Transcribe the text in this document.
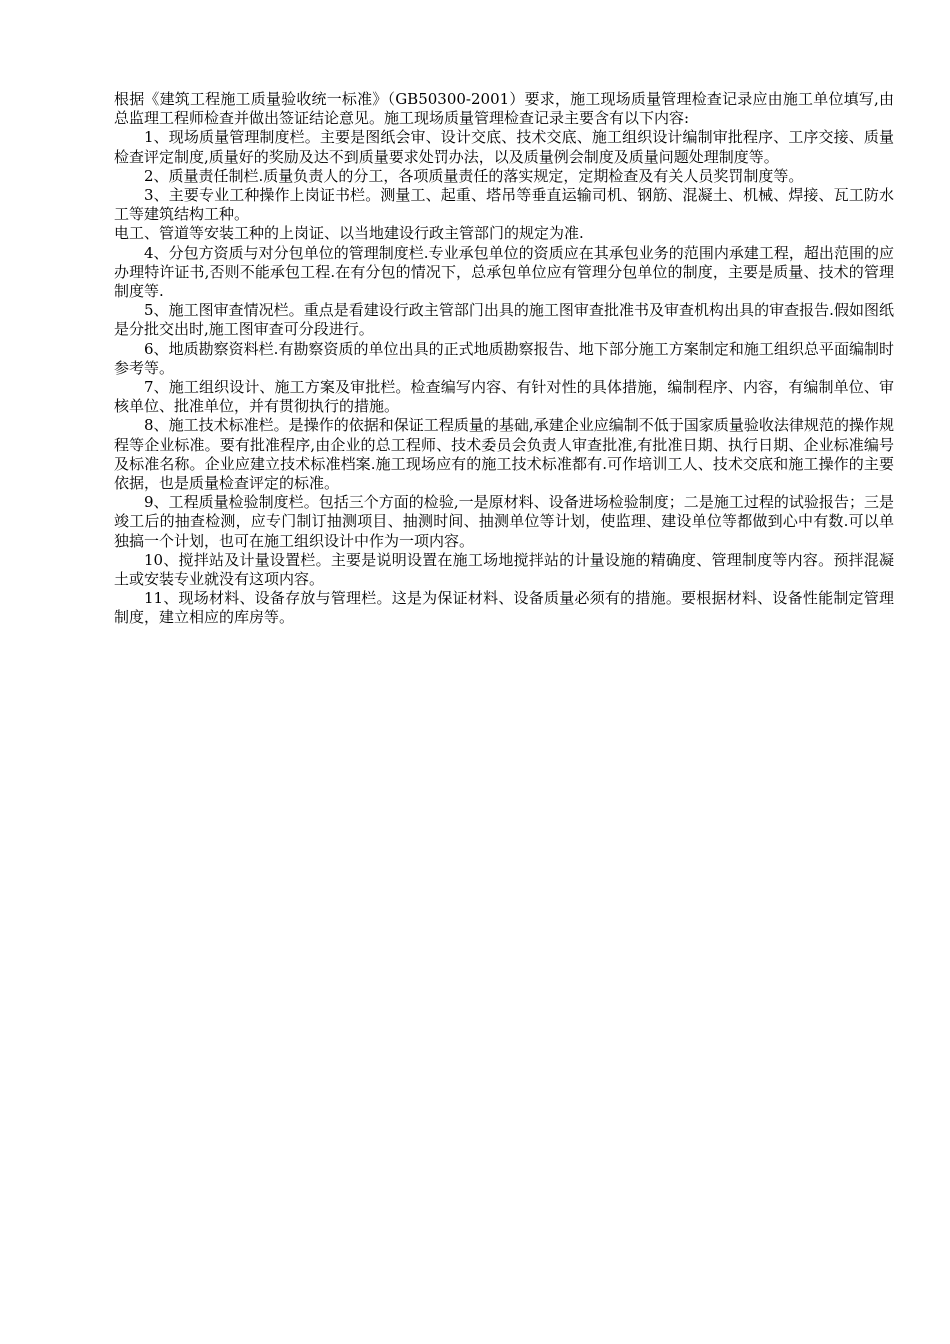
根据《建筑工程施工质量验收统一标准》（GB50300-2001）要求，施工现场质量管理检查记录应由施工单位填写,由总监理工程师检查并做出签证结论意见。施工现场质量管理检查记录主要含有以下内容:

1、现场质量管理制度栏。主要是图纸会审、设计交底、技术交底、施工组织设计编制审批程序、工序交接、质量检查评定制度,质量好的奖励及达不到质量要求处罚办法，以及质量例会制度及质量问题处理制度等。

2、质量责任制栏.质量负责人的分工，各项质量责任的落实规定，定期检查及有关人员奖罚制度等。

3、主要专业工种操作上岗证书栏。测量工、起重、塔吊等垂直运输司机、钢筋、混凝土、机械、焊接、瓦工防水工等建筑结构工种。

电工、管道等安装工种的上岗证、以当地建设行政主管部门的规定为准.

4、分包方资质与对分包单位的管理制度栏.专业承包单位的资质应在其承包业务的范围内承建工程，超出范围的应办理特许证书,否则不能承包工程.在有分包的情况下，总承包单位应有管理分包单位的制度，主要是质量、技术的管理制度等.

5、施工图审查情况栏。重点是看建设行政主管部门出具的施工图审查批准书及审查机构出具的审查报告.假如图纸是分批交出时,施工图审查可分段进行。

6、地质勘察资料栏.有勘察资质的单位出具的正式地质勘察报告、地下部分施工方案制定和施工组织总平面编制时参考等。

7、施工组织设计、施工方案及审批栏。检查编写内容、有针对性的具体措施，编制程序、内容，有编制单位、审核单位、批准单位，并有贯彻执行的措施。

8、施工技术标准栏。是操作的依据和保证工程质量的基础,承建企业应编制不低于国家质量验收法律规范的操作规程等企业标准。要有批准程序,由企业的总工程师、技术委员会负责人审查批准,有批准日期、执行日期、企业标准编号及标准名称。企业应建立技术标准档案.施工现场应有的施工技术标准都有.可作培训工人、技术交底和施工操作的主要依据，也是质量检查评定的标准。

9、工程质量检验制度栏。包括三个方面的检验,一是原材料、设备进场检验制度；二是施工过程的试验报告；三是竣工后的抽查检测，应专门制订抽测项目、抽测时间、抽测单位等计划，使监理、建设单位等都做到心中有数.可以单独搞一个计划，也可在施工组织设计中作为一项内容。

10、搅拌站及计量设置栏。主要是说明设置在施工场地搅拌站的计量设施的精确度、管理制度等内容。预拌混凝土或安装专业就没有这项内容。

11、现场材料、设备存放与管理栏。这是为保证材料、设备质量必须有的措施。要根据材料、设备性能制定管理制度，建立相应的库房等。
